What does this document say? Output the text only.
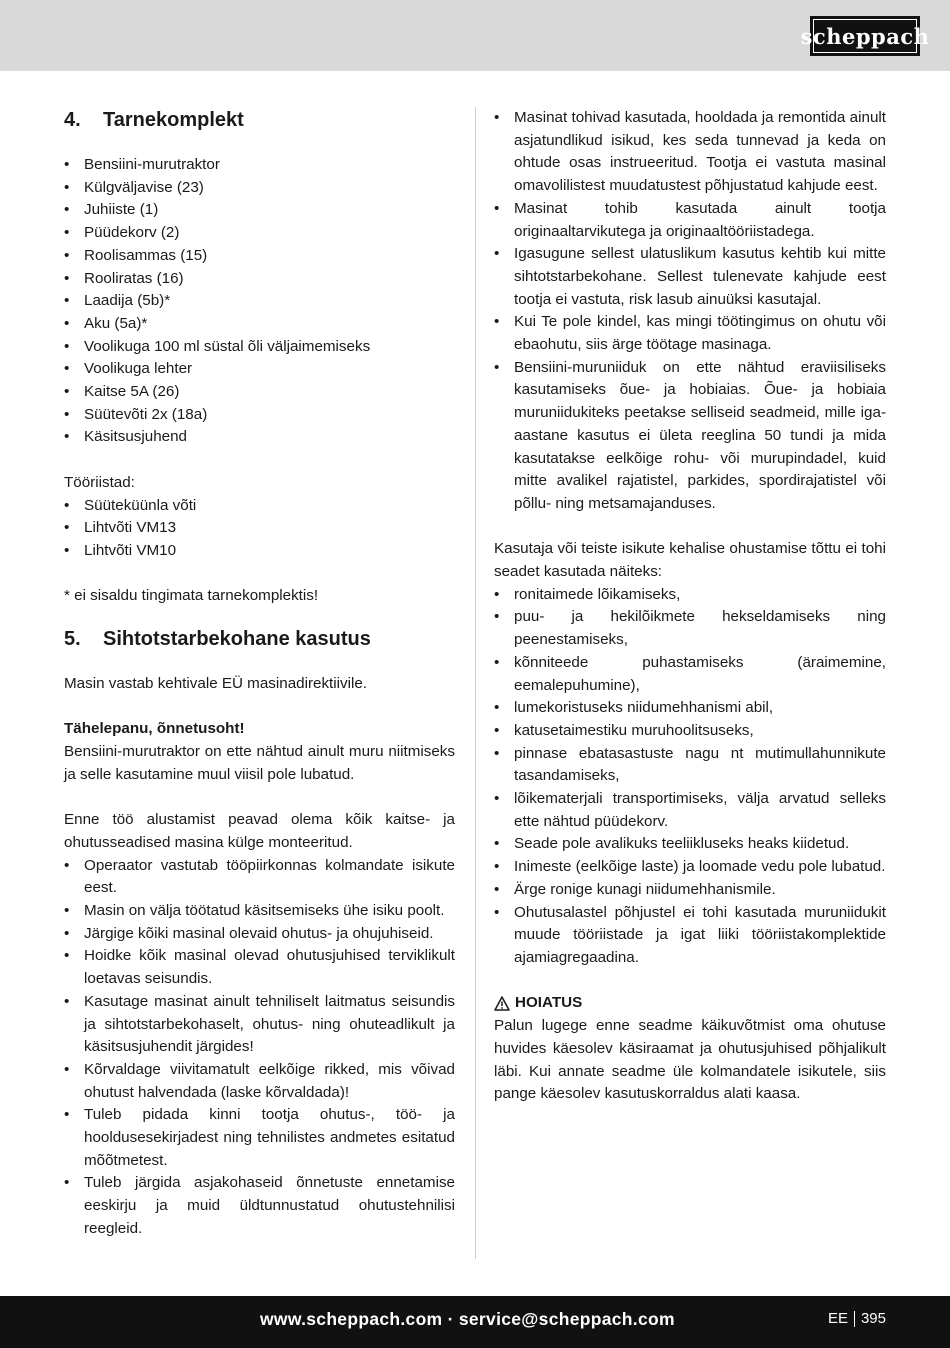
scheppach
4.	Tarnekomplekt
• Bensiini-murutraktor
• Külgväljavise (23)
• Juhiiste (1)
• Püüdekorv (2)
• Roolisammas (15)
• Rooliratas (16)
• Laadija (5b)*
• Aku (5a)*
• Voolikuga 100 ml süstal õli väljaimemiseks
• Voolikuga lehter
• Kaitse 5A (26)
• Süütevõti 2x (18a)
• Käsitsusjuhend

Tööriistad:

• Süüteküünla võti
• Lihtvõti VM13
• Lihtvõti VM10

* ei sisaldu tingimata tarnekomplektis!

5.	Sihtotstarbekohane kasutus

Masin vastab kehtivale EÜ masinadirektiivile.

Tähelepanu, õnnetusoht!

Bensiini-murutraktor on ette nähtud ainult muru niitmiseks ja selle kasutamine muul viisil pole lubatud.

Enne töö alustamist peavad olema kõik kaitse- ja ohutusseadised masina külge monteeritud.

• Operaator vastutab tööpiirkonnas kolmandate isikute eest.
• Masin on välja töötatud käsitsemiseks ühe isiku poolt.
• Järgige kõiki masinal olevaid ohutus- ja ohujuhiseid.
• Hoidke kõik masinal olevad ohutusjuhised terviklikult loetavas seisundis.
• Kasutage masinat ainult tehniliselt laitmatus seisundis ja sihtotstarbekohaselt, ohutus- ning ohuteadlikult ja käsitsusjuhendit järgides!
• Kõrvaldage viivitamatult eelkõige rikked, mis võivad ohutust halvendada (laske kõrvaldada)!
• Tuleb pidada kinni tootja ohutus-, töö- ja hooldusesekirjadest ning tehnilistes andmetes esitatud mõõtmetest.
• Tuleb järgida asjakohaseid õnnetuste ennetamise eeskirju ja muid üldtunnustatud ohutustehnilisi reegleid.
• Masinat tohivad kasutada, hooldada ja remontida ainult asjatundlikud isikud, kes seda tunnevad ja keda on ohtude osas instrueeritud. Tootja ei vastuta masinal omavolilistest muudatustest põhjustatud kahjude eest.
• Masinat tohib kasutada ainult tootja originaaltarvikutega ja originaaltööriistadega.
• Igasugune sellest ulatuslikum kasutus kehtib kui mitte sihtotstarbekohane. Sellest tulenevate kahjude eest tootja ei vastuta, risk lasub ainuüksi kasutajal.
• Kui Te pole kindel, kas mingi töötingimus on ohutu või ebaohutu, siis ärge töötage masinaga.
• Bensiini-muruniiduk on ette nähtud eraviisiliseks kasutamiseks õue- ja hobiaias. Õue- ja hobiaia muruniidukiteks peetakse selliseid seadmeid, mille iga-aastane kasutus ei ületa reeglina 50 tundi ja mida kasutatakse eelkõige rohu- või murupindadel, kuid mitte avalikel rajatistel, parkides, spordirajatistel või põllu- ning metsamajanduses.

Kasutaja või teiste isikute kehalise ohustamise tõttu ei tohi seadet kasutada näiteks:

• ronitaimede lõikamiseks,
• puu- ja hekilõikmete hekseldamiseks ning peenestamiseks,
• kõnniteede puhastamiseks (äraimemine, eemalepuhumine),
• lumekoristuseks niidumehhanismi abil,
• katusetaimestiku muruhoolitsuseks,
• pinnase ebatasastuste nagu nt mutimullahunnikute tasandamiseks,
• lõikematerjali transportimiseks, välja arvatud selleks ette nähtud püüdekorv.
• Seade pole avalikuks teeliikluseks heaks kiidetud.
• Inimeste (eelkõige laste) ja loomade vedu pole lubatud.
• Ärge ronige kunagi niidumehhanismile.
• Ohutusalastel põhjustel ei tohi kasutada muruniidukit muude tööriistade ja igat liiki tööriistakomplektide ajamiagregaadina.
HOIATUS

Palun lugege enne seadme käikuvõtmist oma ohutuse huvides käesolev käsiraamat ja ohutusjuhised põhjalikult läbi. Kui annate seadme üle kolmandatele isikutele, siis pange käesolev kasutuskorraldus alati kaasa.

www.scheppach.com · service@scheppach.com	EE 395
